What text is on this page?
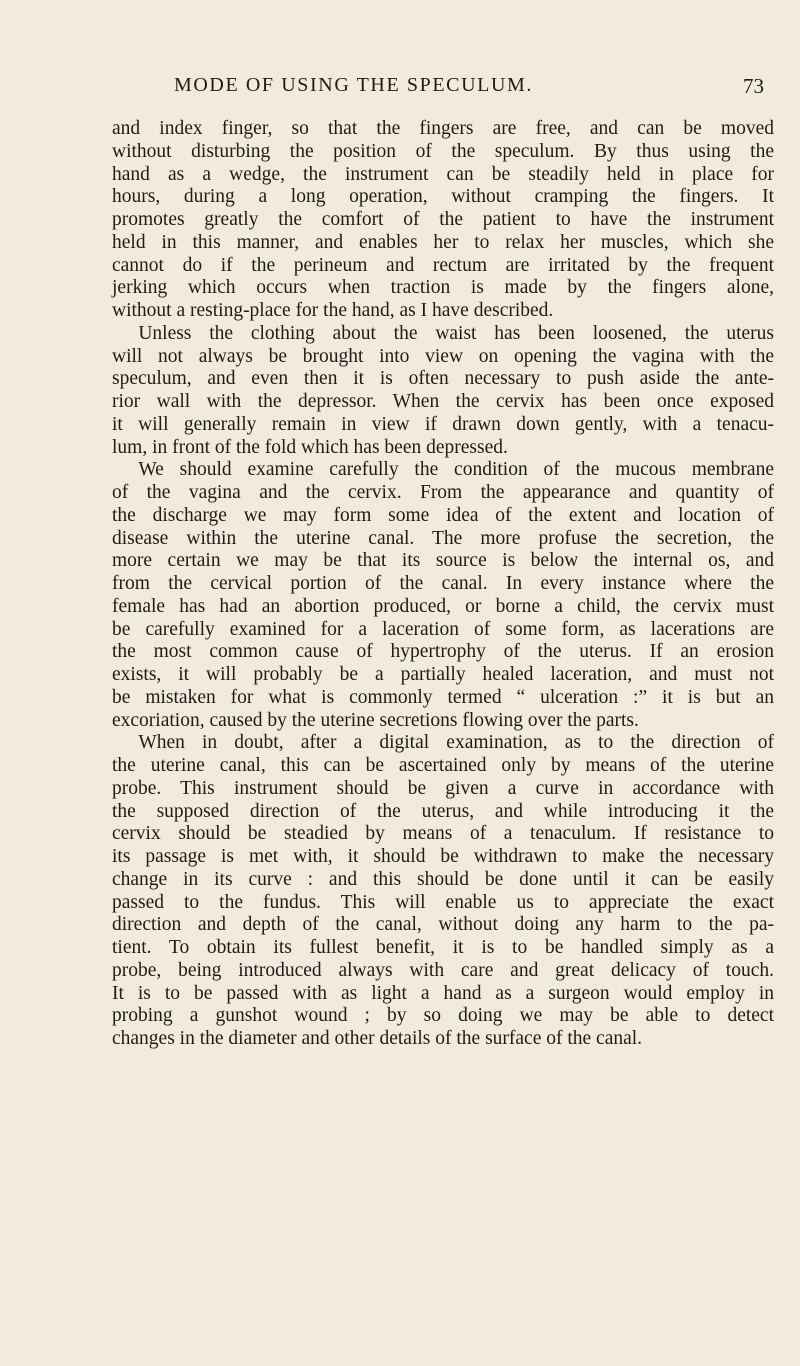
MODE OF USING THE SPECULUM.	73
and index finger, so that the fingers are free, and can be moved
without disturbing the position of the speculum. By thus using the
hand as a wedge, the instrument can be steadily held in place for
hours, during a long operation, without cramping the fingers. It
promotes greatly the comfort of the patient to have the instrument
held in this manner, and enables her to relax her muscles, which she
cannot do if the perineum and rectum are irritated by the frequent
jerking which occurs when traction is made by the fingers alone,
without a resting-place for the hand, as I have described.
Unless the clothing about the waist has been loosened, the uterus
will not always be brought into view on opening the vagina with the
speculum, and even then it is often necessary to push aside the ante-
rior wall with the depressor. When the cervix has been once exposed
it will generally remain in view if drawn down gently, with a tenacu-
lum, in front of the fold which has been depressed.
We should examine carefully the condition of the mucous membrane
of the vagina and the cervix. From the appearance and quantity of
the discharge we may form some idea of the extent and location of
disease within the uterine canal. The more profuse the secretion, the
more certain we may be that its source is below the internal os, and
from the cervical portion of the canal. In every instance where the
female has had an abortion produced, or borne a child, the cervix must
be carefully examined for a laceration of some form, as lacerations are
the most common cause of hypertrophy of the uterus. If an erosion
exists, it will probably be a partially healed laceration, and must not
be mistaken for what is commonly termed “ ulceration :” it is but an
excoriation, caused by the uterine secretions flowing over the parts.
When in doubt, after a digital examination, as to the direction of
the uterine canal, this can be ascertained only by means of the uterine
probe. This instrument should be given a curve in accordance with
the supposed direction of the uterus, and while introducing it the
cervix should be steadied by means of a tenaculum. If resistance to
its passage is met with, it should be withdrawn to make the necessary
change in its curve : and this should be done until it can be easily
passed to the fundus. This will enable us to appreciate the exact
direction and depth of the canal, without doing any harm to the pa-
tient. To obtain its fullest benefit, it is to be handled simply as a
probe, being introduced always with care and great delicacy of touch.
It is to be passed with as light a hand as a surgeon would employ in
probing a gunshot wound ; by so doing we may be able to detect
changes in the diameter and other details of the surface of the canal.
